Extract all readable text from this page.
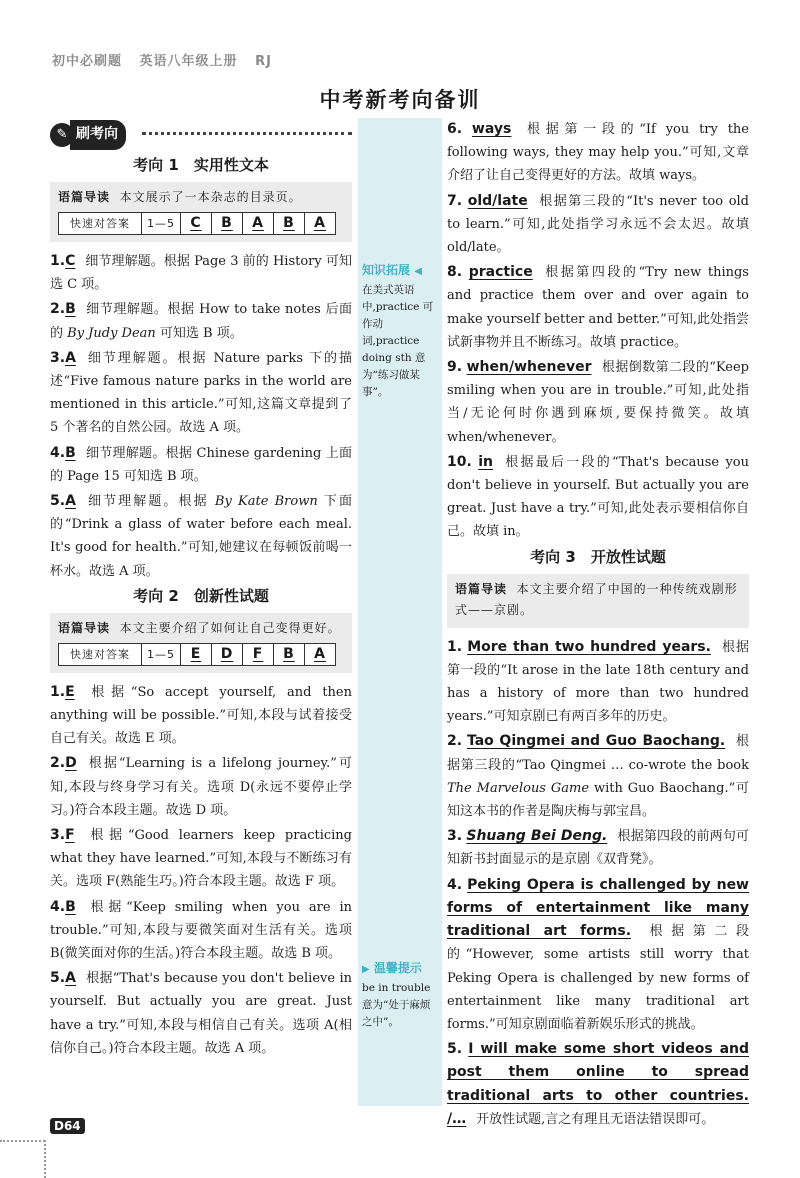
初中必刷题 英语八年级上册 RJ
中考新考向备训
✎ 刷考向
考向 1　实用性文本
语篇导读 本文展示了一本杂志的目录页。
快速对答案	1—5	C	B	A	B	A
1.C 细节理解题。根据 Page 3 前的 History 可知选 C 项。
2.B 细节理解题。根据 How to take notes 后面的 By Judy Dean 可知选 B 项。
3.A 细节理解题。根据 Nature parks 下的描述“Five famous nature parks in the world are mentioned in this article.”可知,这篇文章提到了 5 个著名的自然公园。故选 A 项。
4.B 细节理解题。根据 Chinese gardening 上面的 Page 15 可知选 B 项。
5.A 细节理解题。根据 By Kate Brown 下面的“Drink a glass of water before each meal. It's good for health.”可知,她建议在每顿饭前喝一杯水。故选 A 项。
考向 2　创新性试题
语篇导读 本文主要介绍了如何让自己变得更好。
快速对答案	1—5	E	D	F	B	A
1.E 根据“So accept yourself, and then anything will be possible.”可知,本段与试着接受自己有关。故选 E 项。
2.D 根据“Learning is a lifelong journey.”可知,本段与终身学习有关。选项 D(永远不要停止学习。)符合本段主题。故选 D 项。
3.F 根据“Good learners keep practicing what they have learned.”可知,本段与不断练习有关。选项 F(熟能生巧。)符合本段主题。故选 F 项。
4.B 根据“Keep smiling when you are in trouble.”可知,本段与要微笑面对生活有关。选项 B(微笑面对你的生活。)符合本段主题。故选 B 项。
5.A 根据“That's because you don't believe in yourself. But actually you are great. Just have a try.”可知,本段与相信自己有关。选项 A(相信你自己。)符合本段主题。故选 A 项。
知识拓展 ◀
在美式英语中,practice 可作动词,practice doing sth 意为“练习做某事”。
▶ 温馨提示
be in trouble 意为“处于麻烦之中”。
6. ways 根据第一段的“If you try the following ways, they may help you.”可知,文章介绍了让自己变得更好的方法。故填 ways。
7. old/late 根据第三段的“It's never too old to learn.”可知,此处指学习永远不会太迟。故填 old/late。
8. practice 根据第四段的“Try new things and practice them over and over again to make yourself better and better.”可知,此处指尝试新事物并且不断练习。故填 practice。
9. when/whenever 根据倒数第二段的“Keep smiling when you are in trouble.”可知,此处指当/无论何时你遇到麻烦,要保持微笑。故填 when/whenever。
10. in 根据最后一段的“That's because you don't believe in yourself. But actually you are great. Just have a try.”可知,此处表示要相信你自己。故填 in。
考向 3　开放性试题
语篇导读 本文主要介绍了中国的一种传统戏剧形式——京剧。
1. More than two hundred years. 根据第一段的“It arose in the late 18th century and has a history of more than two hundred years.”可知京剧已有两百多年的历史。
2. Tao Qingmei and Guo Baochang. 根据第三段的“Tao Qingmei … co-wrote the book The Marvelous Game with Guo Baochang.”可知这本书的作者是陶庆梅与郭宝昌。
3. Shuang Bei Deng. 根据第四段的前两句可知新书封面显示的是京剧《双背凳》。
4. Peking Opera is challenged by new forms of entertainment like many traditional art forms. 根据第二段的“However, some artists still worry that Peking Opera is challenged by new forms of entertainment like many traditional art forms.”可知京剧面临着新娱乐形式的挑战。
5. I will make some short videos and post them online to spread traditional arts to other countries. /… 开放性试题,言之有理且无语法错误即可。
D64
